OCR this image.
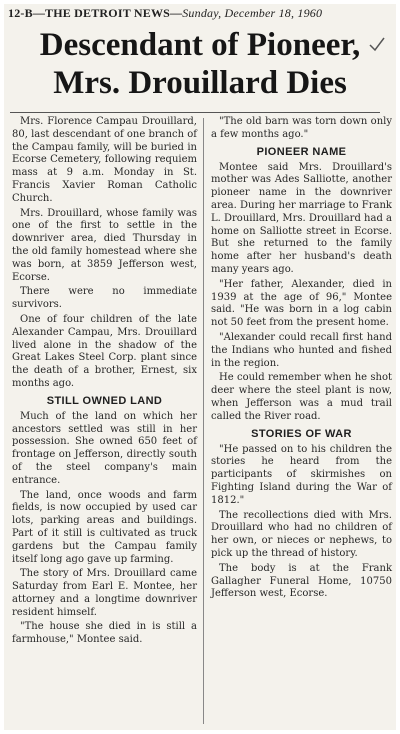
12-B—THE DETROIT NEWS—Sunday, December 18, 1960
Descendant of Pioneer,
Mrs. Drouillard Dies

Mrs. Florence Campau Drouillard, 80, last descendant of one branch of the Campau family, will be buried in Ecorse Cemetery, following requiem mass at 9 a.m. Monday in St. Francis Xavier Roman Catholic Church.

Mrs. Drouillard, whose family was one of the first to settle in the downriver area, died Thursday in the old family homestead where she was born, at 3859 Jefferson west, Ecorse.

There were no immediate survivors.

One of four children of the late Alexander Campau, Mrs. Drouillard lived alone in the shadow of the Great Lakes Steel Corp. plant since the death of a brother, Ernest, six months ago.

STILL OWNED LAND

Much of the land on which her ancestors settled was still in her possession. She owned 650 feet of frontage on Jefferson, directly south of the steel company's main entrance.

The land, once woods and farm fields, is now occupied by used car lots, parking areas and buildings. Part of it still is cultivated as truck gardens but the Campau family itself long ago gave up farming.

The story of Mrs. Drouillard came Saturday from Earl E. Montee, her attorney and a longtime downriver resident himself.

"The house she died in is still a farmhouse," Montee said.

"The old barn was torn down only a few months ago."

PIONEER NAME

Montee said Mrs. Drouillard's mother was Ades Salliotte, another pioneer name in the downriver area. During her marriage to Frank L. Drouillard, Mrs. Drouillard had a home on Salliotte street in Ecorse. But she returned to the family home after her husband's death many years ago.

"Her father, Alexander, died in 1939 at the age of 96," Montee said. "He was born in a log cabin not 50 feet from the present home.

"Alexander could recall first hand the Indians who hunted and fished in the region.

He could remember when he shot deer where the steel plant is now, when Jefferson was a mud trail called the River road.

STORIES OF WAR

"He passed on to his children the stories he heard from the participants of skirmishes on Fighting Island during the War of 1812."

The recollections died with Mrs. Drouillard who had no children of her own, or nieces or nephews, to pick up the thread of history.

The body is at the Frank Gallagher Funeral Home, 10750 Jefferson west, Ecorse.
